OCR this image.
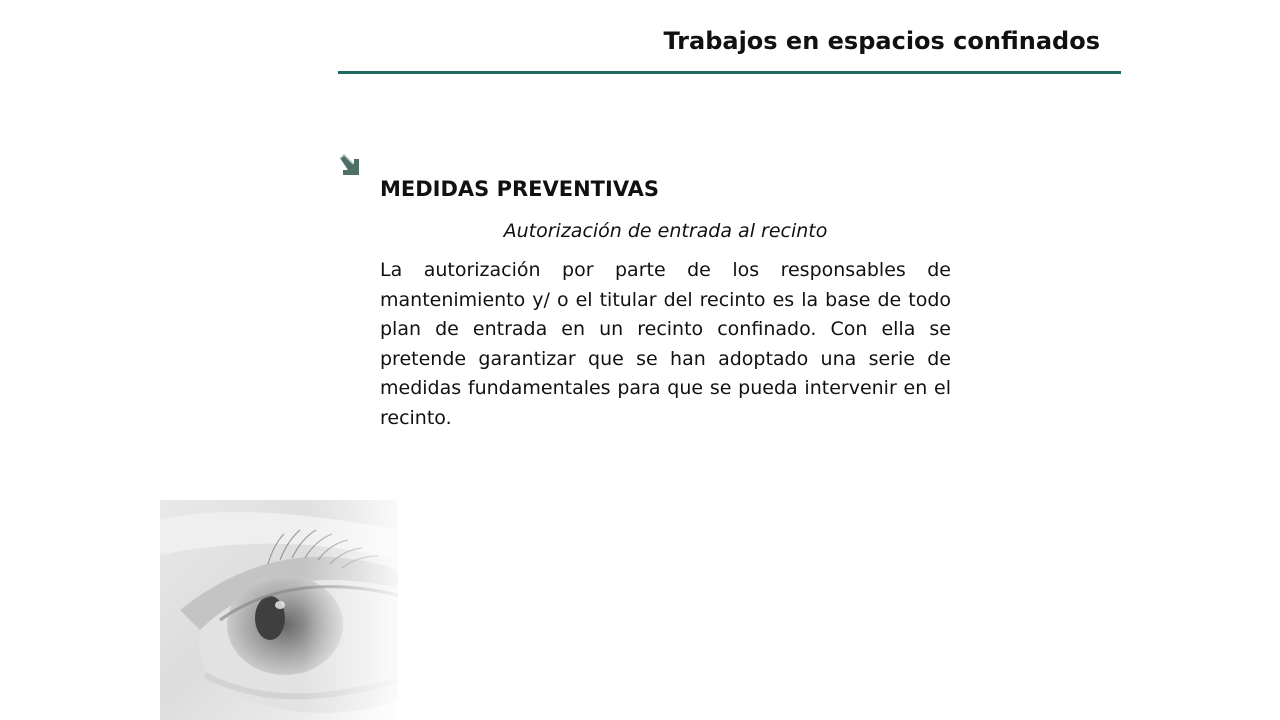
Trabajos en espacios confinados
MEDIDAS PREVENTIVAS

Autorización de entrada al recinto

La autorización por parte de los responsables de mantenimiento y/ o el titular del recinto es la base de todo plan de entrada en un recinto confinado. Con ella se pretende garantizar que se han adoptado una serie de medidas fundamentales para que se pueda intervenir en el recinto.
